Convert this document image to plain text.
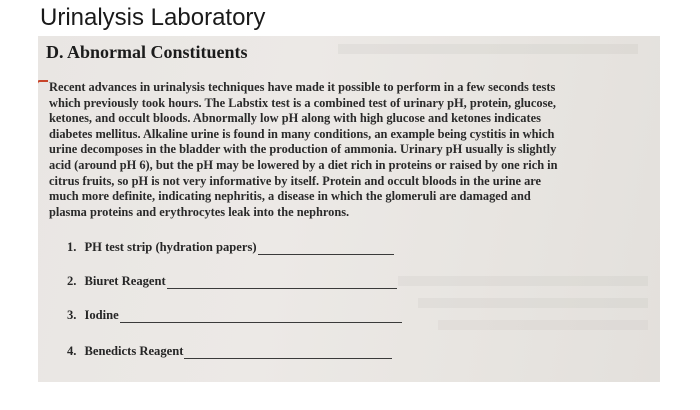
Urinalysis Laboratory
D. Abnormal Constituents
Recent advances in urinalysis techniques have made it possible to perform in a few seconds tests
which previously took hours. The Labstix test is a combined test of urinary pH, protein, glucose,
ketones, and occult bloods. Abnormally low pH along with high glucose and ketones indicates
diabetes mellitus. Alkaline urine is found in many conditions, an example being cystitis in which
urine decomposes in the bladder with the production of ammonia. Urinary pH usually is slightly
acid (around pH 6), but the pH may be lowered by a diet rich in proteins or raised by one rich in
citrus fruits, so pH is not very informative by itself. Protein and occult bloods in the urine are
much more definite, indicating nephritis, a disease in which the glomeruli are damaged and
plasma proteins and erythrocytes leak into the nephrons.
1. PH test strip (hydration papers)
2. Biuret Reagent
3. Iodine
4. Benedicts Reagent
